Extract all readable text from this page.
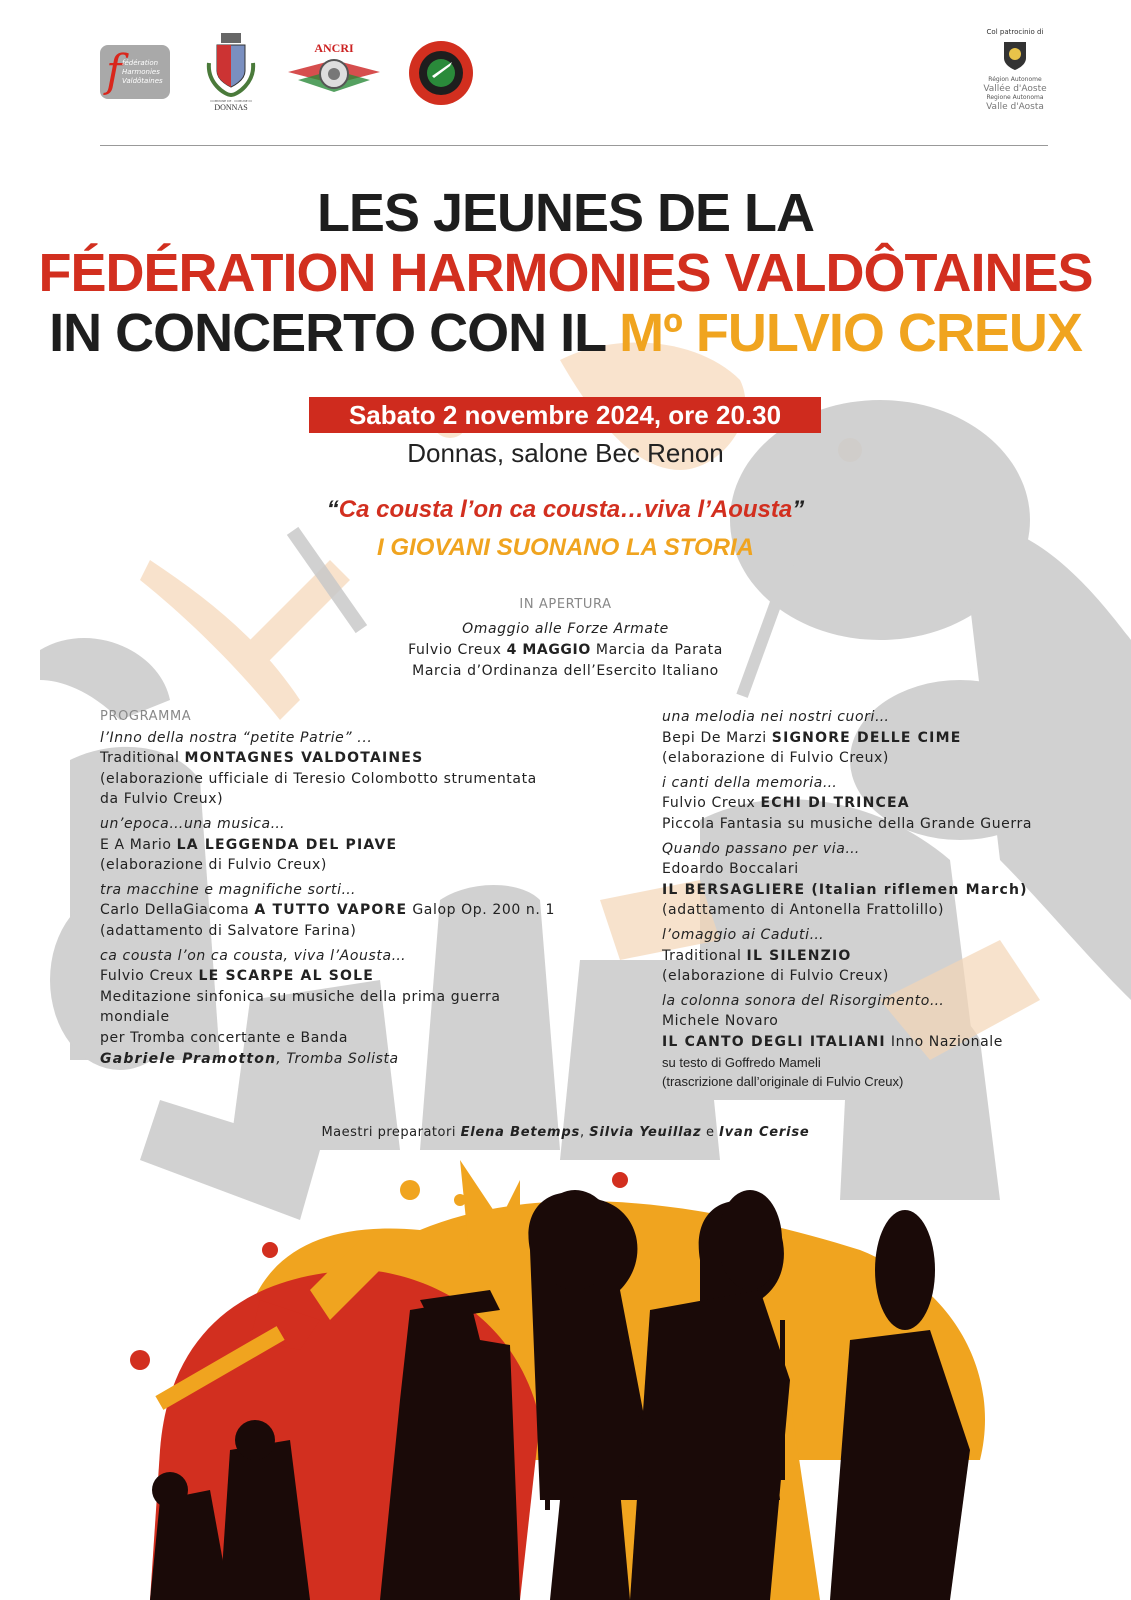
f fédération
Harmonies
Valdôtaines
COMMUNE DE · COMUNE DI
DONNAS
ANCRI
Col patrocinio di
Région Autonome
Vallée d'Aoste
Regione Autonoma
Valle d'Aosta
LES JEUNES DE LA
FÉDÉRATION HARMONIES VALDÔTAINES
IN CONCERTO CON IL Mº FULVIO CREUX
Sabato 2 novembre 2024, ore 20.30
Donnas, salone Bec Renon
“Ca cousta l’on ca cousta…viva l’Aousta”
I GIOVANI SUONANO LA STORIA
IN APERTURA
Omaggio alle Forze Armate
Fulvio Creux 4 MAGGIO Marcia da Parata
Marcia d’Ordinanza dell’Esercito Italiano
PROGRAMMA
l’Inno della nostra “petite Patrie” ...
Traditional MONTAGNES VALDOTAINES
(elaborazione ufficiale di Teresio Colombotto strumentata da Fulvio Creux)
un’epoca…una musica…
E A Mario LA LEGGENDA DEL PIAVE
(elaborazione di Fulvio Creux)
tra macchine e magnifiche sorti…
Carlo DellaGiacoma A TUTTO VAPORE Galop Op. 200 n. 1
(adattamento di Salvatore Farina)
ca cousta l’on ca cousta, viva l’Aousta…
Fulvio Creux LE SCARPE AL SOLE
Meditazione sinfonica su musiche della prima guerra mondiale
per Tromba concertante e Banda
Gabriele Pramotton, Tromba Solista
una melodia nei nostri cuori…
Bepi De Marzi SIGNORE DELLE CIME
(elaborazione di Fulvio Creux)
i canti della memoria…
Fulvio Creux ECHI DI TRINCEA
Piccola Fantasia su musiche della Grande Guerra
Quando passano per via…
Edoardo Boccalari
IL BERSAGLIERE (Italian riflemen March)
(adattamento di Antonella Frattolillo)
l’omaggio ai Caduti…
Traditional IL SILENZIO
(elaborazione di Fulvio Creux)
la colonna sonora del Risorgimento…
Michele Novaro
IL CANTO DEGLI ITALIANI Inno Nazionale
su testo di Goffredo Mameli
(trascrizione dall’originale di Fulvio Creux)
Maestri preparatori Elena Betemps, Silvia Yeuillaz e Ivan Cerise
